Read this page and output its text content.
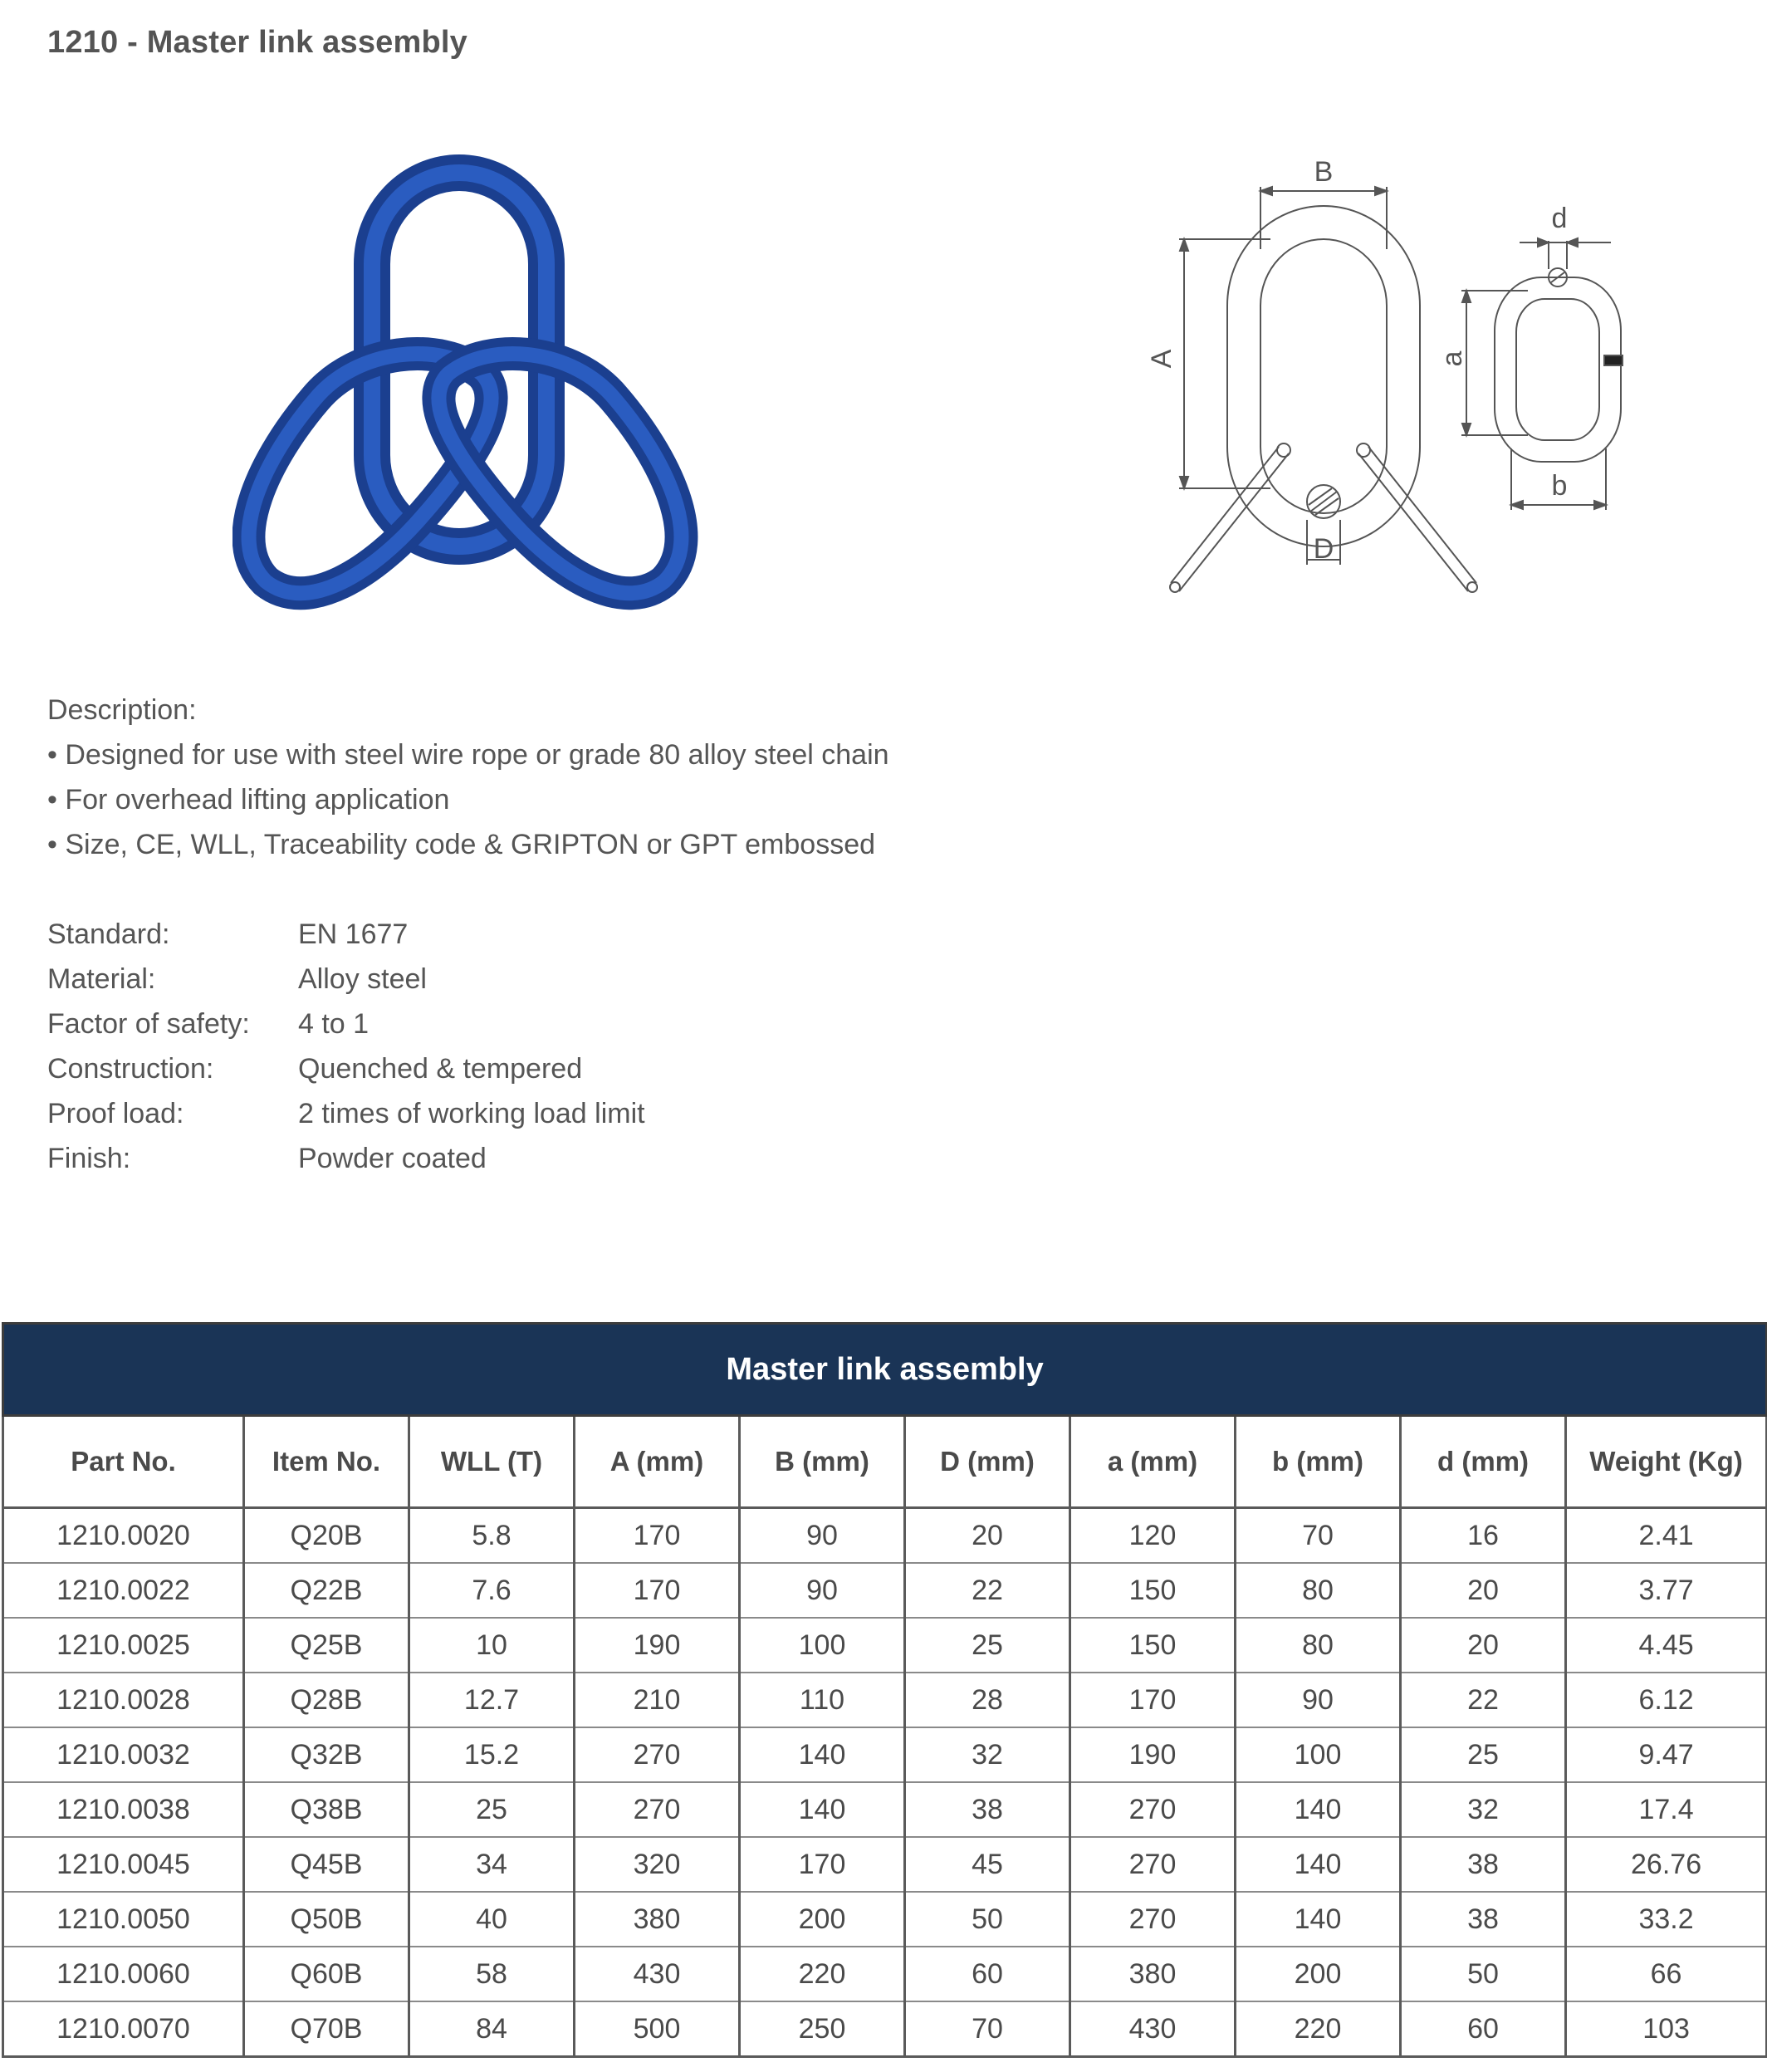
1210 - Master link assembly
B
A
D
d
a
b
Description:
• Designed for use with steel wire rope or grade 80 alloy steel chain
• For overhead lifting application
• Size, CE, WLL, Traceability code & GRIPTON or GPT embossed
Standard:	EN 1677
Material:	Alloy steel
Factor of safety: 4 to 1
Construction:	Quenched & tempered
Proof load:	2 times of working load limit
Finish:	Powder coated
Master link assembly									
Part No.	Item No.	WLL (T)	A (mm)	B (mm)	D (mm)	a (mm)	b (mm)	d (mm)	Weight (Kg)
1210.0020	Q20B	5.8	170	90	20	120	70	16	2.41
1210.0022	Q22B	7.6	170	90	22	150	80	20	3.77
1210.0025	Q25B	10	190	100	25	150	80	20	4.45
1210.0028	Q28B	12.7	210	110	28	170	90	22	6.12
1210.0032	Q32B	15.2	270	140	32	190	100	25	9.47
1210.0038	Q38B	25	270	140	38	270	140	32	17.4
1210.0045	Q45B	34	320	170	45	270	140	38	26.76
1210.0050	Q50B	40	380	200	50	270	140	38	33.2
1210.0060	Q60B	58	430	220	60	380	200	50	66
1210.0070	Q70B	84	500	250	70	430	220	60	103
